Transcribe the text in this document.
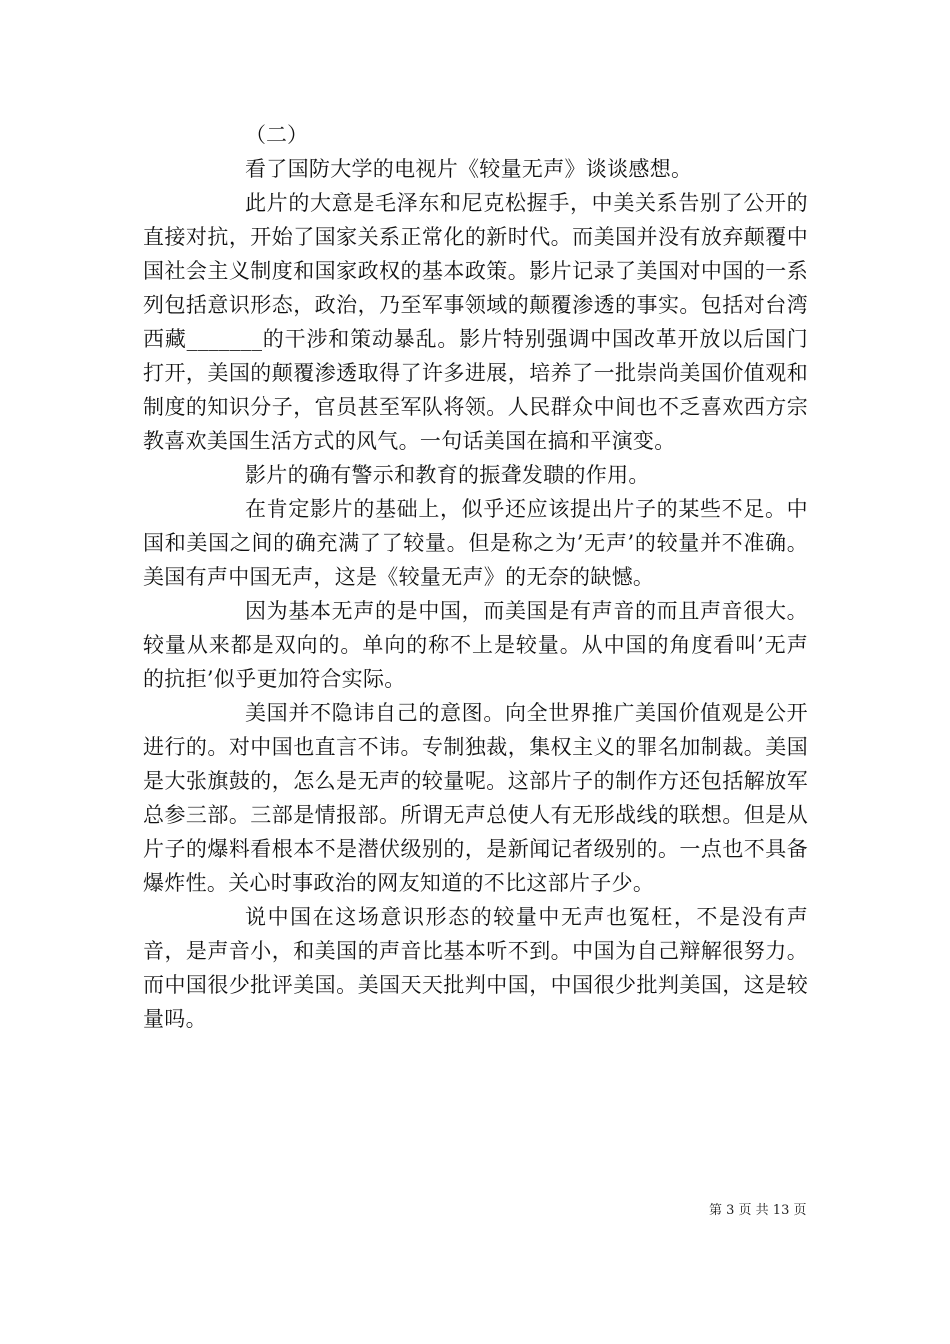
（二）

看了国防大学的电视片《较量无声》谈谈感想。

此片的大意是毛泽东和尼克松握手，中美关系告别了公开的直接对抗，开始了国家关系正常化的新时代。而美国并没有放弃颠覆中国社会主义制度和国家政权的基本政策。影片记录了美国对中国的一系列包括意识形态，政治，乃至军事领域的颠覆渗透的事实。包括对台湾西藏_______的干涉和策动暴乱。影片特别强调中国改革开放以后国门打开，美国的颠覆渗透取得了许多进展，培养了一批崇尚美国价值观和制度的知识分子，官员甚至军队将领。人民群众中间也不乏喜欢西方宗教喜欢美国生活方式的风气。一句话美国在搞和平演变。

影片的确有警示和教育的振聋发聩的作用。

在肯定影片的基础上，似乎还应该提出片子的某些不足。中国和美国之间的确充满了了较量。但是称之为’无声’的较量并不准确。美国有声中国无声，这是《较量无声》的无奈的缺憾。

因为基本无声的是中国，而美国是有声音的而且声音很大。较量从来都是双向的。单向的称不上是较量。从中国的角度看叫’无声的抗拒’似乎更加符合实际。

美国并不隐讳自己的意图。向全世界推广美国价值观是公开进行的。对中国也直言不讳。专制独裁，集权主义的罪名加制裁。美国是大张旗鼓的，怎么是无声的较量呢。这部片子的制作方还包括解放军总参三部。三部是情报部。所谓无声总使人有无形战线的联想。但是从片子的爆料看根本不是潜伏级别的，是新闻记者级别的。一点也不具备爆炸性。关心时事政治的网友知道的不比这部片子少。

说中国在这场意识形态的较量中无声也冤枉，不是没有声音，是声音小，和美国的声音比基本听不到。中国为自己辩解很努力。而中国很少批评美国。美国天天批判中国，中国很少批判美国，这是较量吗。

第 3 页 共 13 页
